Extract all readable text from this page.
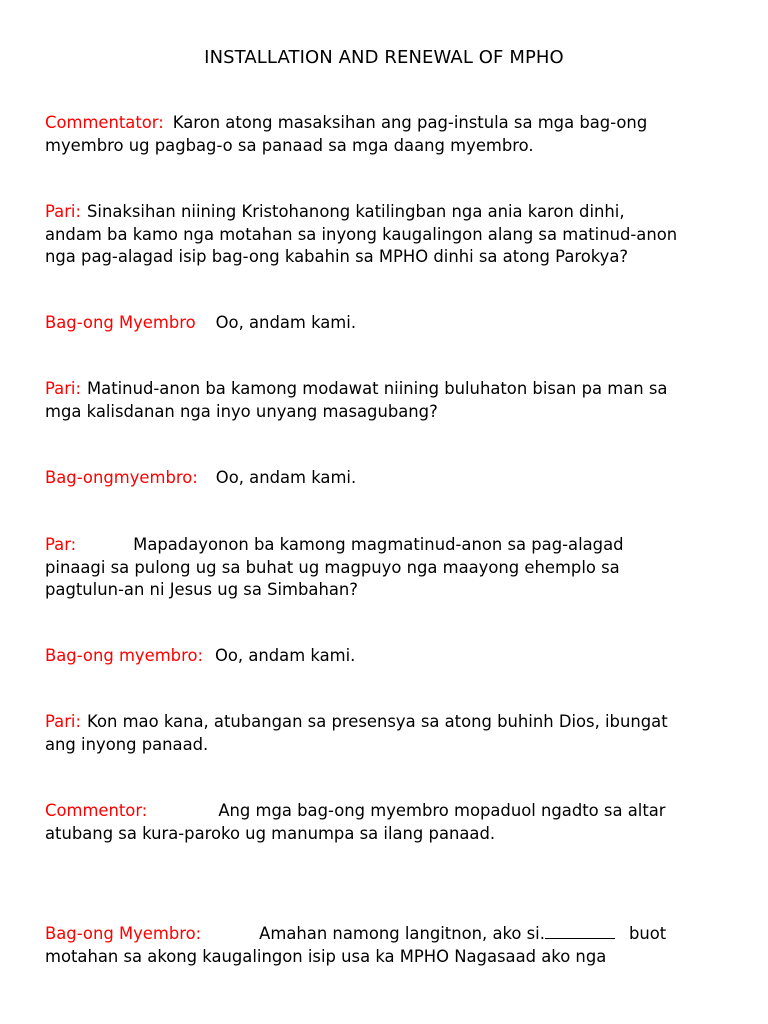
INSTALLATION AND RENEWAL OF MPHO
Commentator: Karon atong masaksihan ang pag-instula sa mga bag-ong
myembro ug pagbag-o sa panaad sa mga daang myembro.
Pari: Sinaksihan niining Kristohanong katilingban nga ania karon dinhi,
andam ba kamo nga motahan sa inyong kaugalingon alang sa matinud-anon
nga pag-alagad isip bag-ong kabahin sa MPHO dinhi sa atong Parokya?
Bag-ong Myembro Oo, andam kami.
Pari: Matinud-anon ba kamong modawat niining buluhaton bisan pa man sa
mga kalisdanan nga inyo unyang masagubang?
Bag-ongmyembro: Oo, andam kami.
Par:	Mapadayonon ba kamong magmatinud-anon sa pag-alagad
pinaagi sa pulong ug sa buhat ug magpuyo nga maayong ehemplo sa
pagtulun-an ni Jesus ug sa Simbahan?
Bag-ong myembro: Oo, andam kami.
Pari: Kon mao kana, atubangan sa presensya sa atong buhinh Dios, ibungat
ang inyong panaad.
Commentor:	Ang mga bag-ong myembro mopaduol ngadto sa altar
atubang sa kura-paroko ug manumpa sa ilang panaad.
Bag-ong Myembro:	Amahan namong langitnon, ako si.	buot
motahan sa akong kaugalingon isip usa ka MPHO Nagasaad ako nga
